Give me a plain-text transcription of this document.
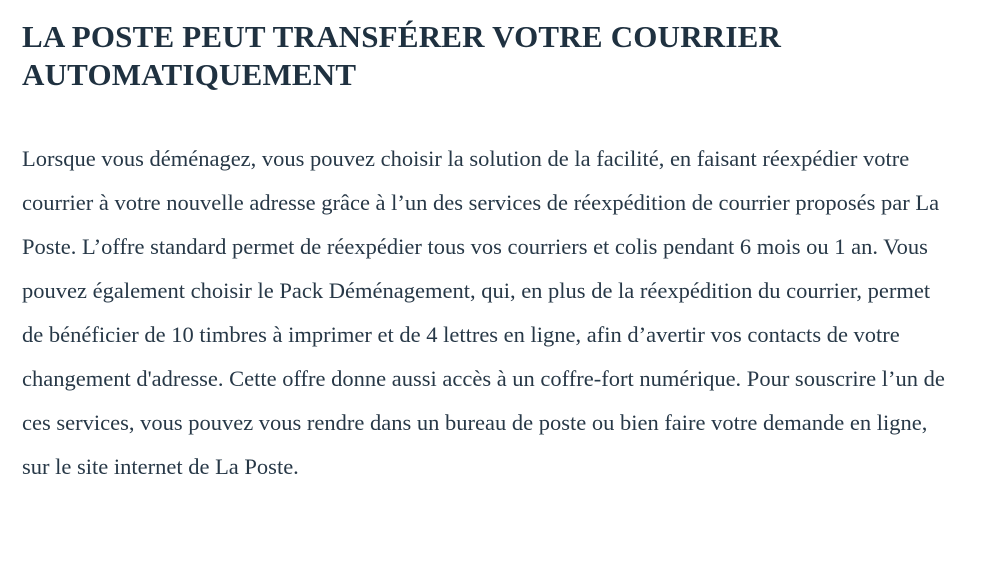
LA POSTE PEUT TRANSFÉRER VOTRE COURRIER AUTOMATIQUEMENT

Lorsque vous déménagez, vous pouvez choisir la solution de la facilité, en faisant réexpédier votre courrier à votre nouvelle adresse grâce à l’un des services de réexpédition de courrier proposés par La Poste. L’offre standard permet de réexpédier tous vos courriers et colis pendant 6 mois ou 1 an. Vous pouvez également choisir le Pack Déménagement, qui, en plus de la réexpédition du courrier, permet de bénéficier de 10 timbres à imprimer et de 4 lettres en ligne, afin d’avertir vos contacts de votre changement d'adresse. Cette offre donne aussi accès à un coffre-fort numérique. Pour souscrire l’un de ces services, vous pouvez vous rendre dans un bureau de poste ou bien faire votre demande en ligne, sur le site internet de La Poste.
